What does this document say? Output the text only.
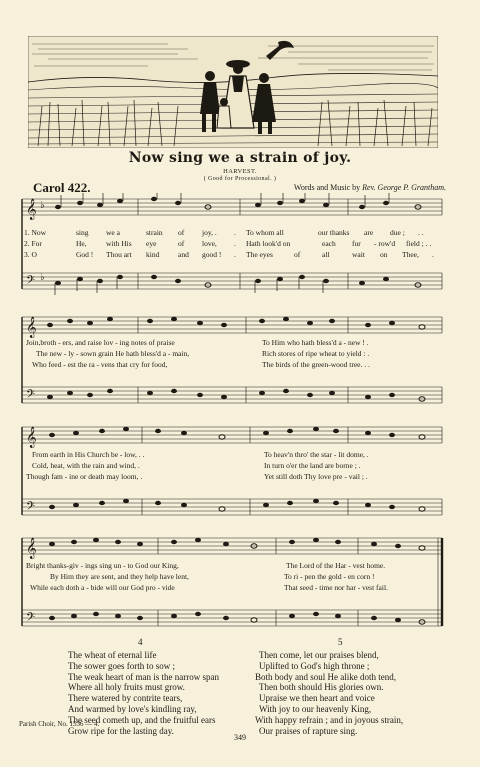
Now sing we a strain of joy.
HARVEST.
( Good for Processional. )
Carol 422.	Words and Music by Rev. George P. Grantham.
𝄞
𝄢
♭
♭
1. Now	sing we a	strain of joy, . . To whom all	our thanks are due ; . .
2. For	He,	with His eye	of love, . Hath look'd on	each fur - row'd field ; . .
3. O	God ! Thou art kind and good ! . The eyes	of	all	wait on Thee, .
𝄞
𝄢
Join,broth - ers, and raise lov - ing notes of praise	To Him who hath bless'd a - new ! .
The new - ly - sown grain He hath bless'd a - main,	Rich stores of ripe wheat to yield : .
Who feed - est the ra - vens that cry for food,	The birds of the green-wood tree. . .
𝄞
𝄢
From earth in His Church be - low, . .	To heav'n thro' the star - lit dome, .
Cold, heat, with the rain and wind, .	In turn o'er the land are borne ; .
Though fam - ine or death may loom, .	Yet still doth Thy love pre - vail ; .
𝄞
𝄢
Bright thanks-giv - ings sing un - to God our King,	The Lord of the Har - vest home.
By Him they are sent, and they help have lent,	To ri - pen the gold - en corn !
While each doth a - bide will our God pro - vide	That seed - time nor har - vest fail.
4	5
The wheat of eternal life
The sower goes forth to sow ;
The weak heart of man is the narrow span
Where all holy fruits must grow.
There watered by contrite tears,
And warmed by love's kindling ray,
The seed cometh up, and the fruitful ears
Grow ripe for the lasting day.
Then come, let our praises blend,
Uplifted to God's high throne ;
Both body and soul He alike doth tend,
Then both should His glories own.
Upraise we then heart and voice
With joy to our heavenly King,
With happy refrain ; and in joyous strain,
Our praises of rapture sing.
Parish Choir, No. 1536 — 4.
349
